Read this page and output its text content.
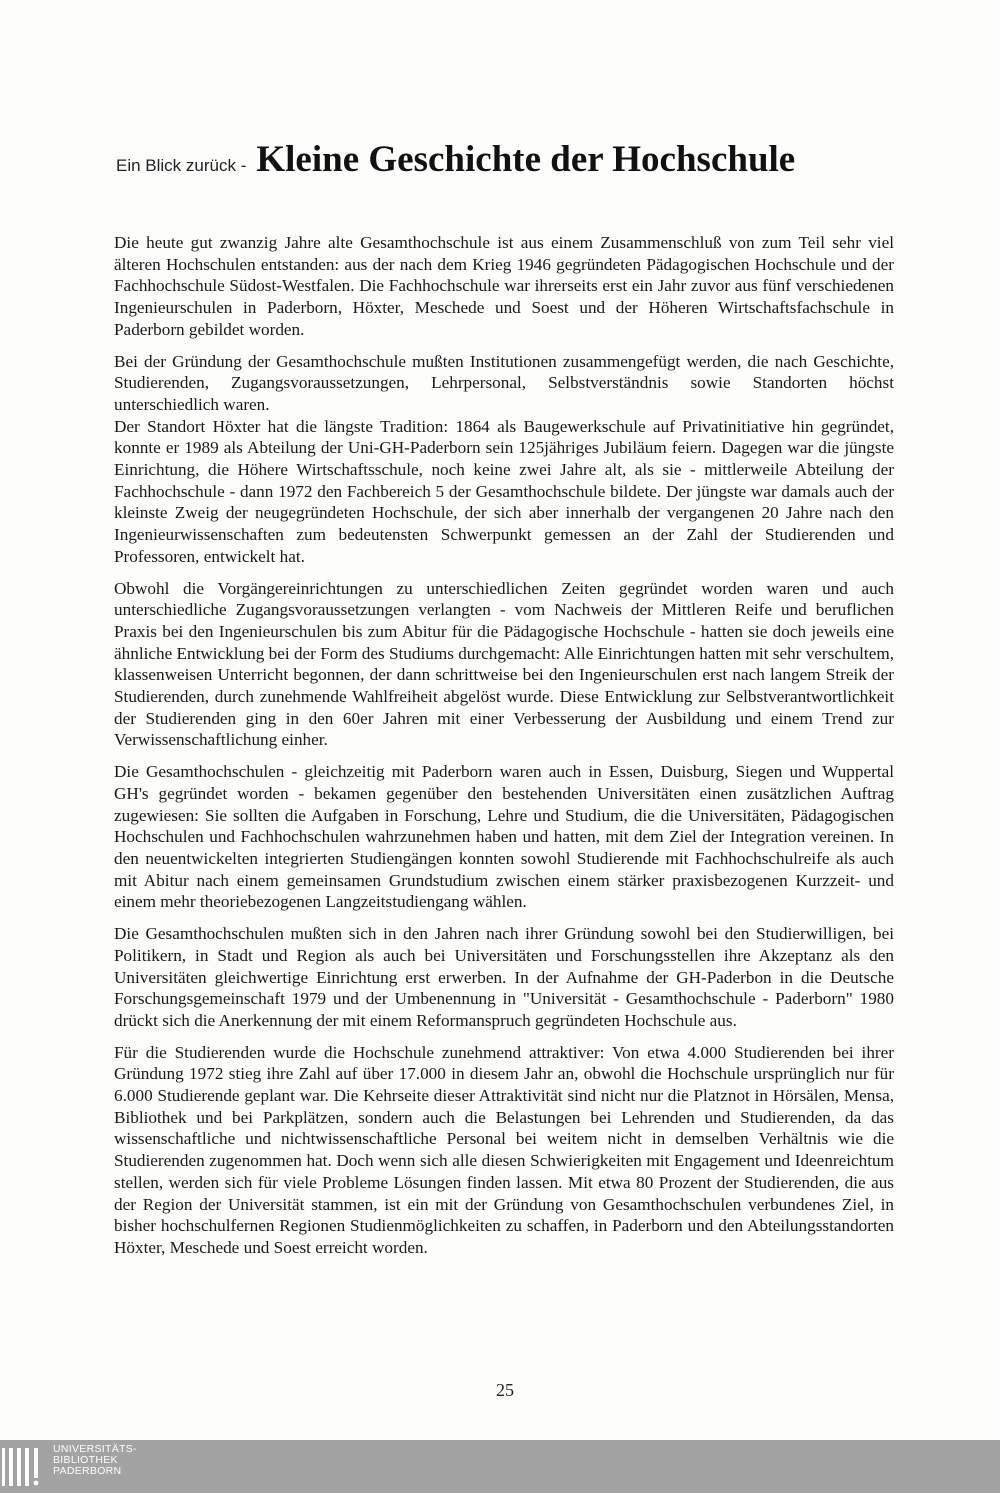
Ein Blick zurück - Kleine Geschichte der Hochschule

Die heute gut zwanzig Jahre alte Gesamthochschule ist aus einem Zusammenschluß von zum Teil sehr viel älteren Hochschulen entstanden: aus der nach dem Krieg 1946 gegründeten Pädagogischen Hochschule und der Fachhochschule Südost-Westfalen. Die Fachhochschule war ihrerseits erst ein Jahr zuvor aus fünf verschiedenen Ingenieurschulen in Paderborn, Höxter, Meschede und Soest und der Höheren Wirtschaftsfachschule in Paderborn gebildet worden.

Bei der Gründung der Gesamthochschule mußten Institutionen zusammengefügt werden, die nach Geschichte, Studierenden, Zugangsvoraussetzungen, Lehrpersonal, Selbstverständnis sowie Standorten höchst unterschiedlich waren.

Der Standort Höxter hat die längste Tradition: 1864 als Baugewerkschule auf Privatinitiative hin gegründet, konnte er 1989 als Abteilung der Uni-GH-Paderborn sein 125jähriges Jubiläum feiern. Dagegen war die jüngste Einrichtung, die Höhere Wirtschaftsschule, noch keine zwei Jahre alt, als sie - mittlerweile Abteilung der Fachhochschule - dann 1972 den Fachbereich 5 der Gesamthochschule bildete. Der jüngste war damals auch der kleinste Zweig der neugegründeten Hochschule, der sich aber innerhalb der vergangenen 20 Jahre nach den Ingenieurwissenschaften zum bedeutensten Schwerpunkt gemessen an der Zahl der Studierenden und Professoren, entwickelt hat.

Obwohl die Vorgängereinrichtungen zu unterschiedlichen Zeiten gegründet worden waren und auch unterschiedliche Zugangsvoraussetzungen verlangten - vom Nachweis der Mittleren Reife und beruflichen Praxis bei den Ingenieurschulen bis zum Abitur für die Pädagogische Hochschule - hatten sie doch jeweils eine ähnliche Entwicklung bei der Form des Studiums durchgemacht: Alle Einrichtungen hatten mit sehr verschultem, klassenweisen Unterricht begonnen, der dann schrittweise bei den Ingenieurschulen erst nach langem Streik der Studierenden, durch zunehmende Wahlfreiheit abgelöst wurde. Diese Entwicklung zur Selbstverantwortlichkeit der Studierenden ging in den 60er Jahren mit einer Verbesserung der Ausbildung und einem Trend zur Verwissenschaftlichung einher.

Die Gesamthochschulen - gleichzeitig mit Paderborn waren auch in Essen, Duisburg, Siegen und Wuppertal GH's gegründet worden - bekamen gegenüber den bestehenden Universitäten einen zusätzlichen Auftrag zugewiesen: Sie sollten die Aufgaben in Forschung, Lehre und Studium, die die Universitäten, Pädagogischen Hochschulen und Fachhochschulen wahrzunehmen haben und hatten, mit dem Ziel der Integration vereinen. In den neuentwickelten integrierten Studiengängen konnten sowohl Studierende mit Fachhochschulreife als auch mit Abitur nach einem gemeinsamen Grundstudium zwischen einem stärker praxisbezogenen Kurzzeit- und einem mehr theoriebezogenen Langzeitstudiengang wählen.

Die Gesamthochschulen mußten sich in den Jahren nach ihrer Gründung sowohl bei den Studierwilligen, bei Politikern, in Stadt und Region als auch bei Universitäten und Forschungsstellen ihre Akzeptanz als den Universitäten gleichwertige Einrichtung erst erwerben. In der Aufnahme der GH-Paderbon in die Deutsche Forschungsgemeinschaft 1979 und der Umbenennung in "Universität - Gesamthochschule - Paderborn" 1980 drückt sich die Anerkennung der mit einem Reformanspruch gegründeten Hochschule aus.

Für die Studierenden wurde die Hochschule zunehmend attraktiver: Von etwa 4.000 Studierenden bei ihrer Gründung 1972 stieg ihre Zahl auf über 17.000 in diesem Jahr an, obwohl die Hochschule ursprünglich nur für 6.000 Studierende geplant war. Die Kehrseite dieser Attraktivität sind nicht nur die Platznot in Hörsälen, Mensa, Bibliothek und bei Parkplätzen, sondern auch die Belastungen bei Lehrenden und Studierenden, da das wissenschaftliche und nichtwissenschaftliche Personal bei weitem nicht in demselben Verhältnis wie die Studierenden zugenommen hat. Doch wenn sich alle diesen Schwierigkeiten mit Engagement und Ideenreichtum stellen, werden sich für viele Probleme Lösungen finden lassen. Mit etwa 80 Prozent der Studierenden, die aus der Region der Universität stammen, ist ein mit der Gründung von Gesamthochschulen verbundenes Ziel, in bisher hochschulfernen Regionen Studienmöglichkeiten zu schaffen, in Paderborn und den Abteilungsstandorten Höxter, Meschede und Soest erreicht worden.

25
UNIVERSITÄTS-
BIBLIOTHEK
PADERBORN
